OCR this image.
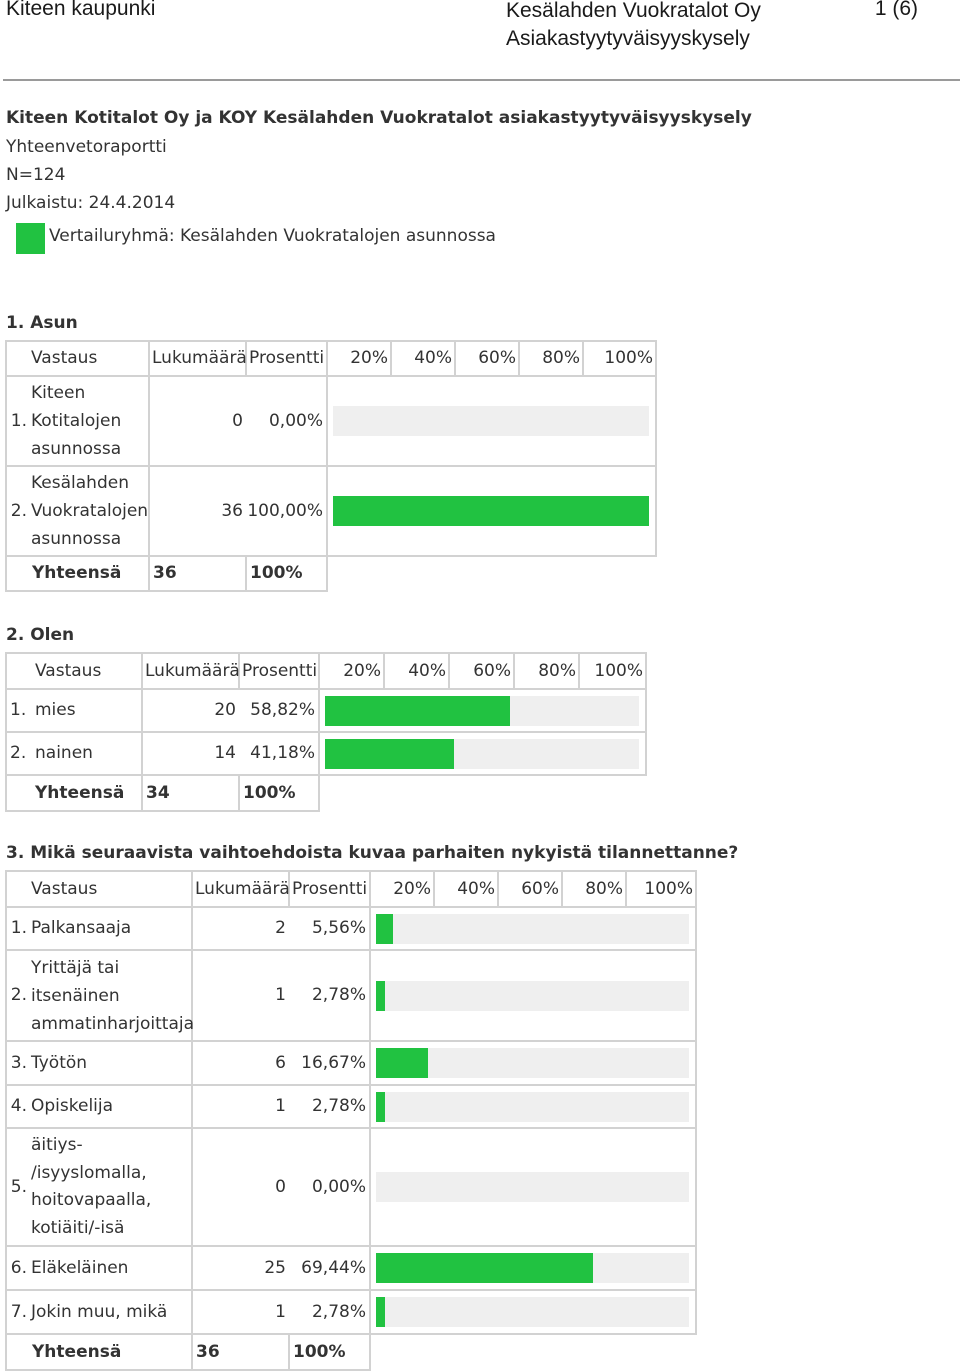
Kiteen kaupunki	Kesälahden Vuokratalot Oy
Asiakastyytyväisyyskysely
1 (6)
Kiteen Kotitalot Oy ja KOY Kesälahden Vuokratalot asiakastyytyväisyyskysely
Yhteenvetoraportti
N=124
Julkaistu: 24.4.2014
Vertailuryhmä: Kesälahden Vuokratalojen asunnossa
1. Asun
	Vastaus	Lukumäärä	Prosentti	20%	40%	60%	80%	100%
1.	Kiteen Kotitalojen asunnossa	0	0,00%					

2.	Kesälahden Vuokratalojen asunnossa	36	100,00%					

Yhteensä		36	100%					
2. Olen
	Vastaus	Lukumäärä	Prosentti	20%	40%	60%	80%	100%
1.	mies	20	58,82%					

2.	nainen	14	41,18%					

Yhteensä		34	100%					
3. Mikä seuraavista vaihtoehdoista kuvaa parhaiten nykyistä tilannettanne?
	Vastaus	Lukumäärä	Prosentti	20%	40%	60%	80%	100%
1.	Palkansaaja	2	5,56%					

2.	Yrittäjä tai itsenäinen ammatinharjoittaja	1	2,78%					

3.	Työtön	6	16,67%					

4.	Opiskelija	1	2,78%					

5.	äitiys-
/isyyslomalla,
hoitovapaalla,
kotiäiti/-isä	0	0,00%					

6.	Eläkeläinen	25	69,44%					

7.	Jokin muu, mikä	1	2,78%					

Yhteensä		36	100%					
